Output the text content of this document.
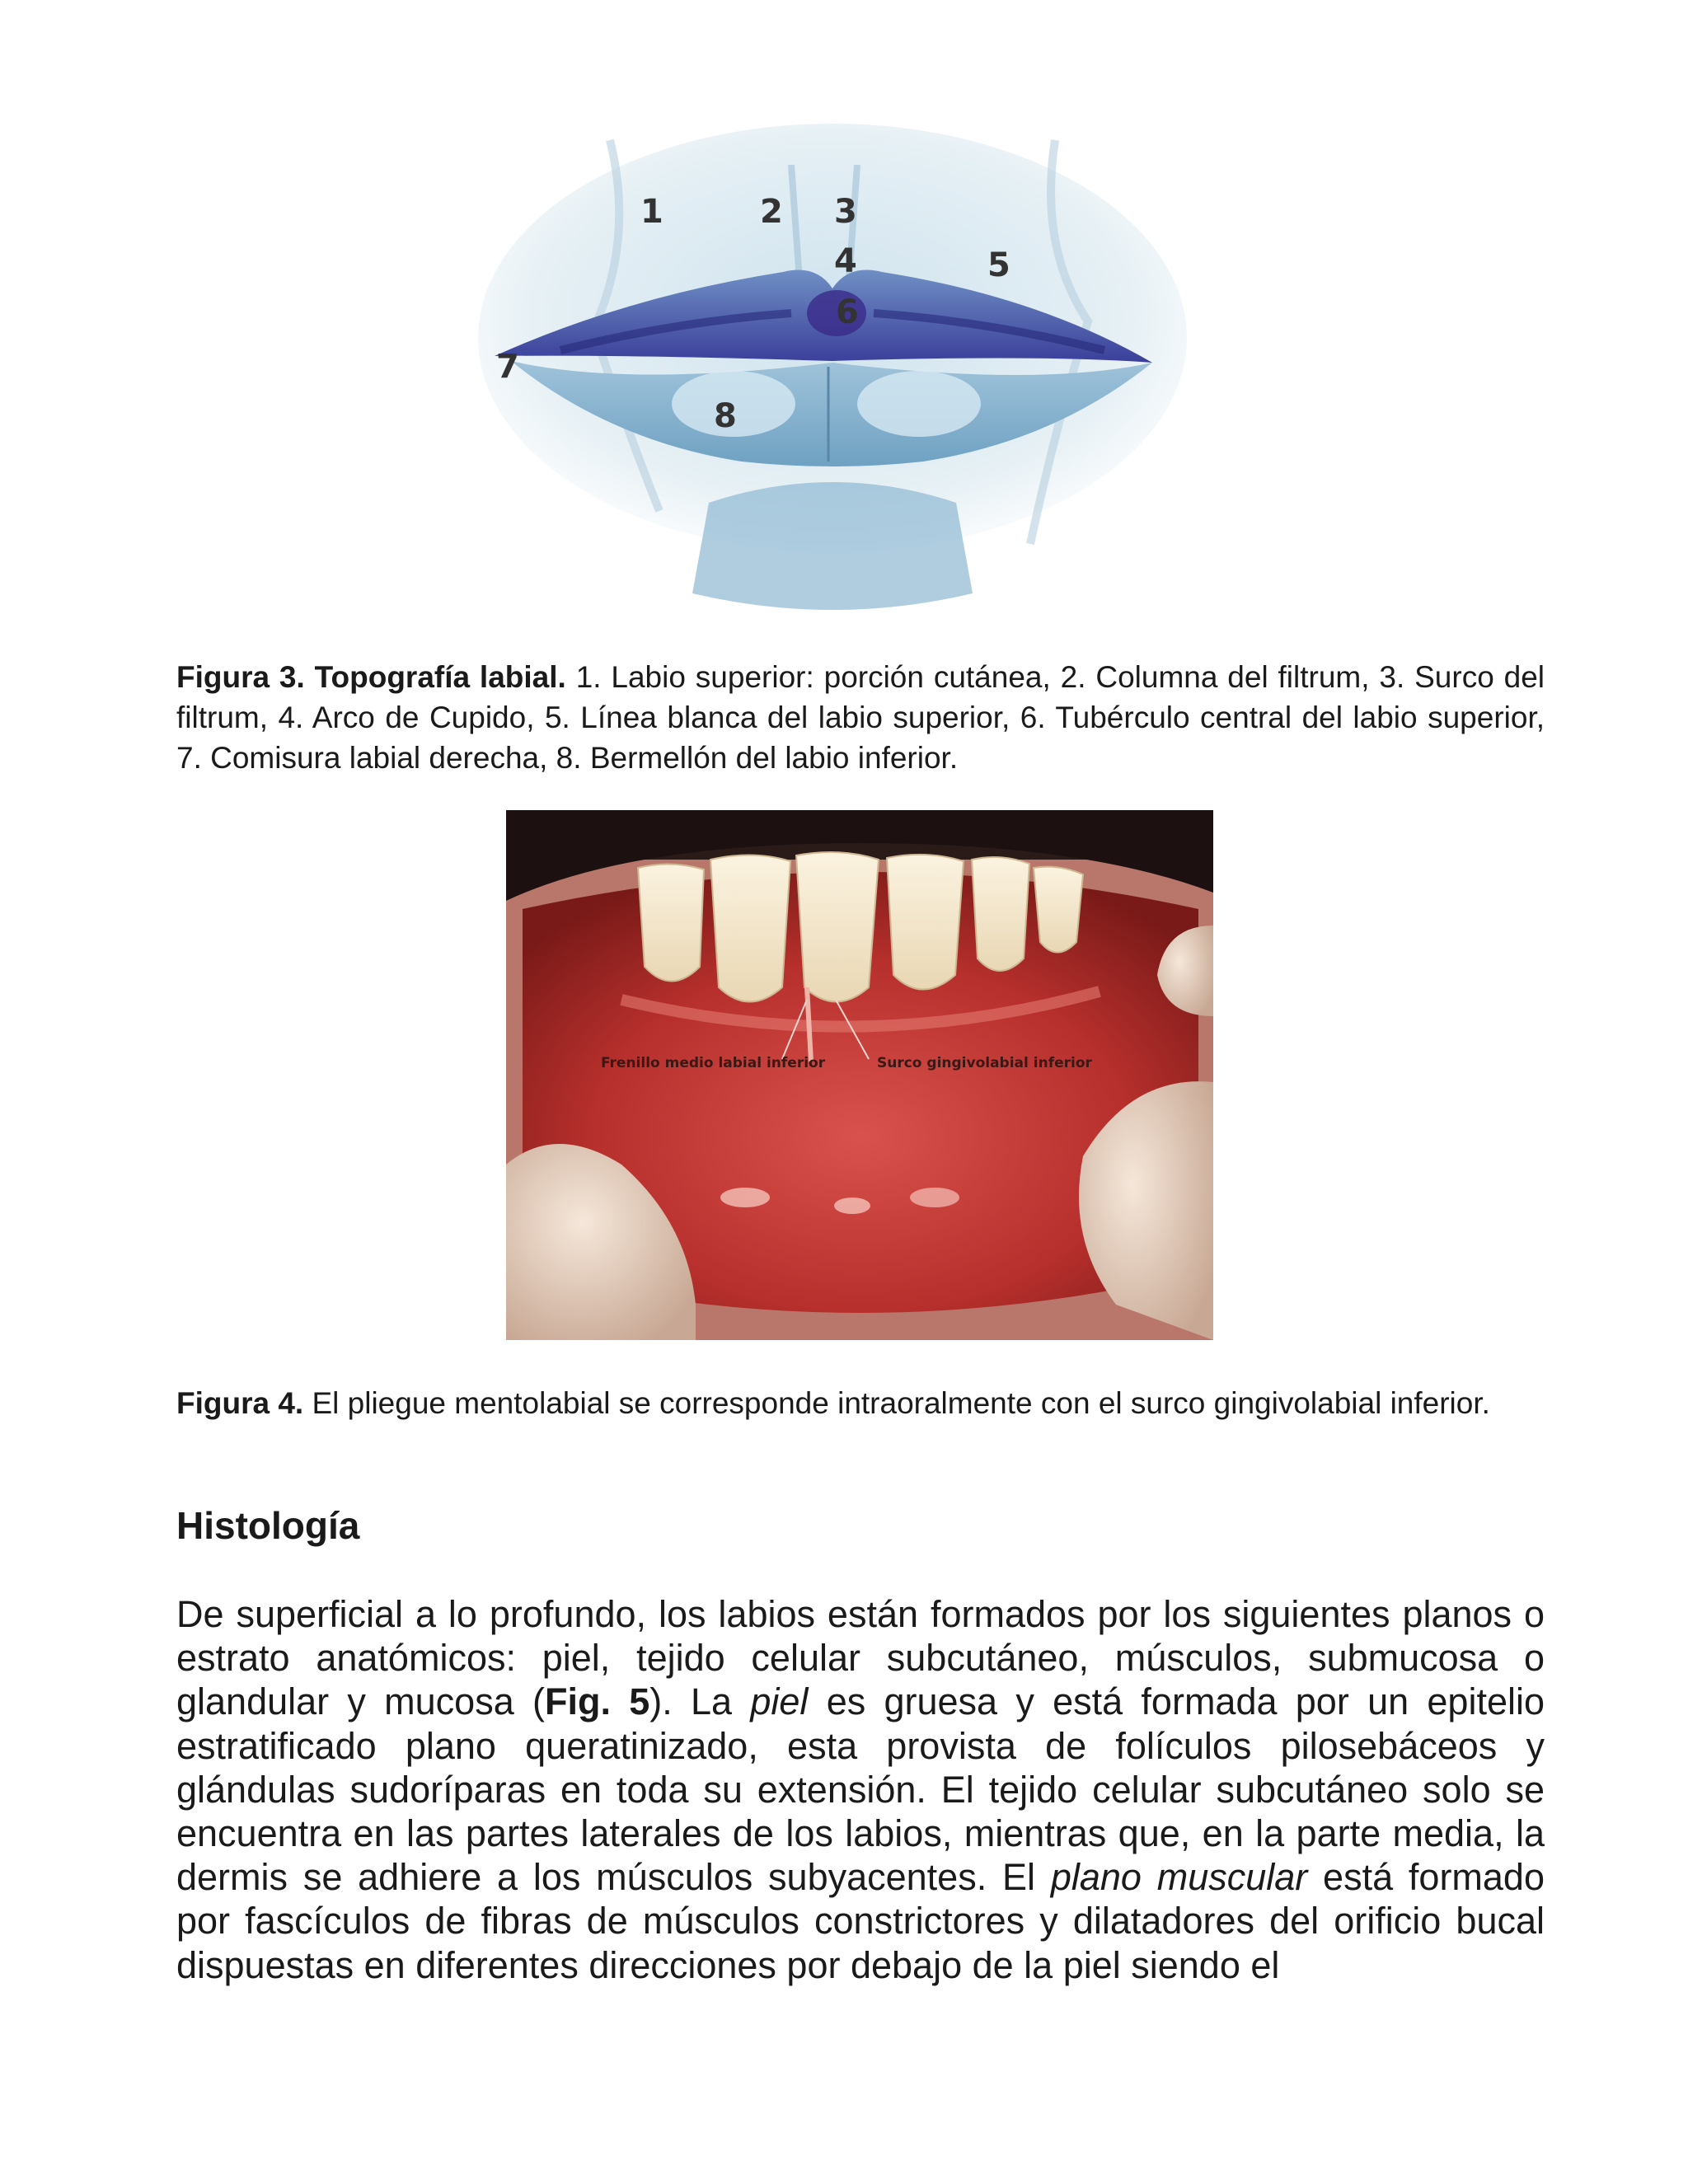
1	2 3
4	5
6
7
8

Figura 3. Topografía labial. 1. Labio superior: porción cutánea, 2. Columna del filtrum, 3. Surco del filtrum, 4. Arco de Cupido, 5. Línea blanca del labio superior, 6. Tubérculo central del labio superior, 7. Comisura labial derecha, 8. Bermellón del labio inferior.

Frenillo medio labial inferior	Surco gingivolabial inferior

Figura 4. El pliegue mentolabial se corresponde intraoralmente con el surco gingivolabial inferior.

Histología

De superficial a lo profundo, los labios están formados por los siguientes planos o estrato anatómicos: piel, tejido celular subcutáneo, músculos, submucosa o glandular y mucosa (Fig. 5). La piel es gruesa y está formada por un epitelio estratificado plano queratinizado, esta provista de folículos pilosebáceos y glándulas sudoríparas en toda su extensión. El tejido celular subcutáneo solo se encuentra en las partes laterales de los labios, mientras que, en la parte media, la dermis se adhiere a los músculos subyacentes. El plano muscular está formado por fascículos de fibras de músculos constrictores y dilatadores del orificio bucal dispuestas en diferentes direcciones por debajo de la piel siendo el
